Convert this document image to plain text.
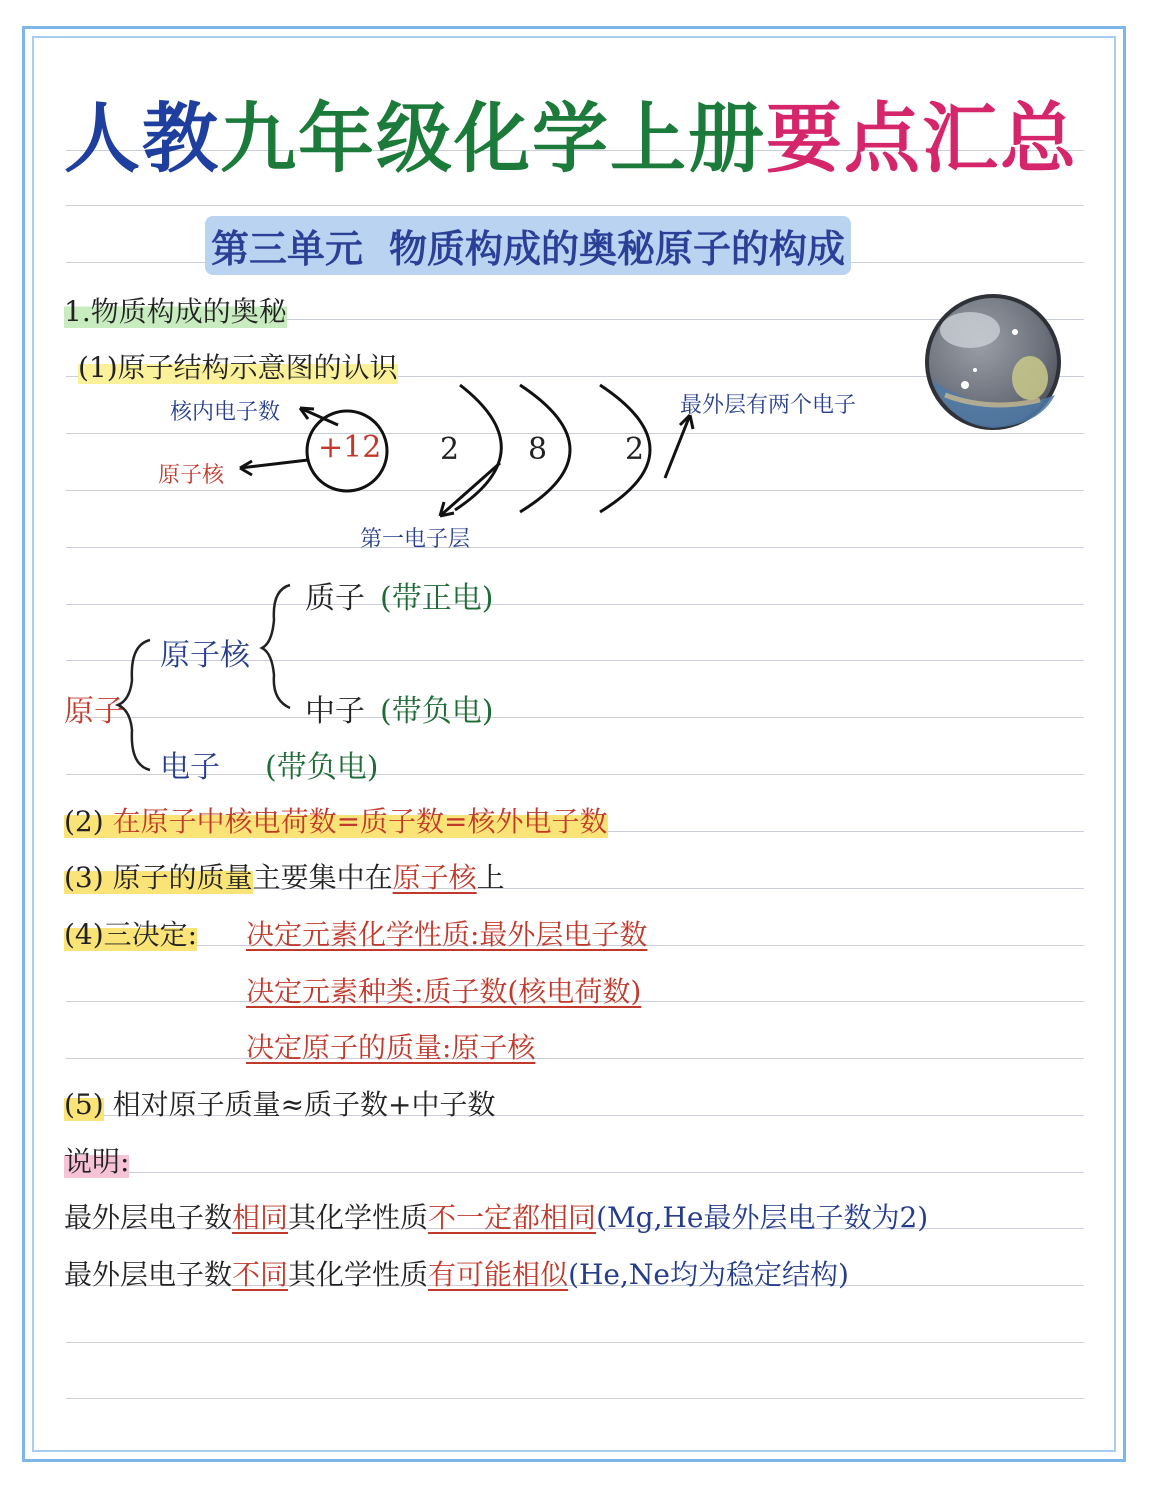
人教九年级化学上册要点汇总
第三单元 物质构成的奥秘原子的构成
1.物质构成的奥秘
(1)原子结构示意图的认识
+12 2 8	2
核内电子数
原子核
第一电子层
最外层有两个电子
原子
原子核
电子 (带负电)
质子 (带正电)
中子 (带负电)
(2) 在原子中核电荷数=质子数=核外电子数
(3) 原子的质量主要集中在原子核上
(4)三决定: 决定元素化学性质:最外层电子数
决定元素种类:质子数(核电荷数)
决定原子的质量:原子核
(5) 相对原子质量≈质子数+中子数
说明:
最外层电子数相同其化学性质不一定都相同(Mg,He最外层电子数为2)
最外层电子数不同其化学性质有可能相似(He,Ne均为稳定结构)
